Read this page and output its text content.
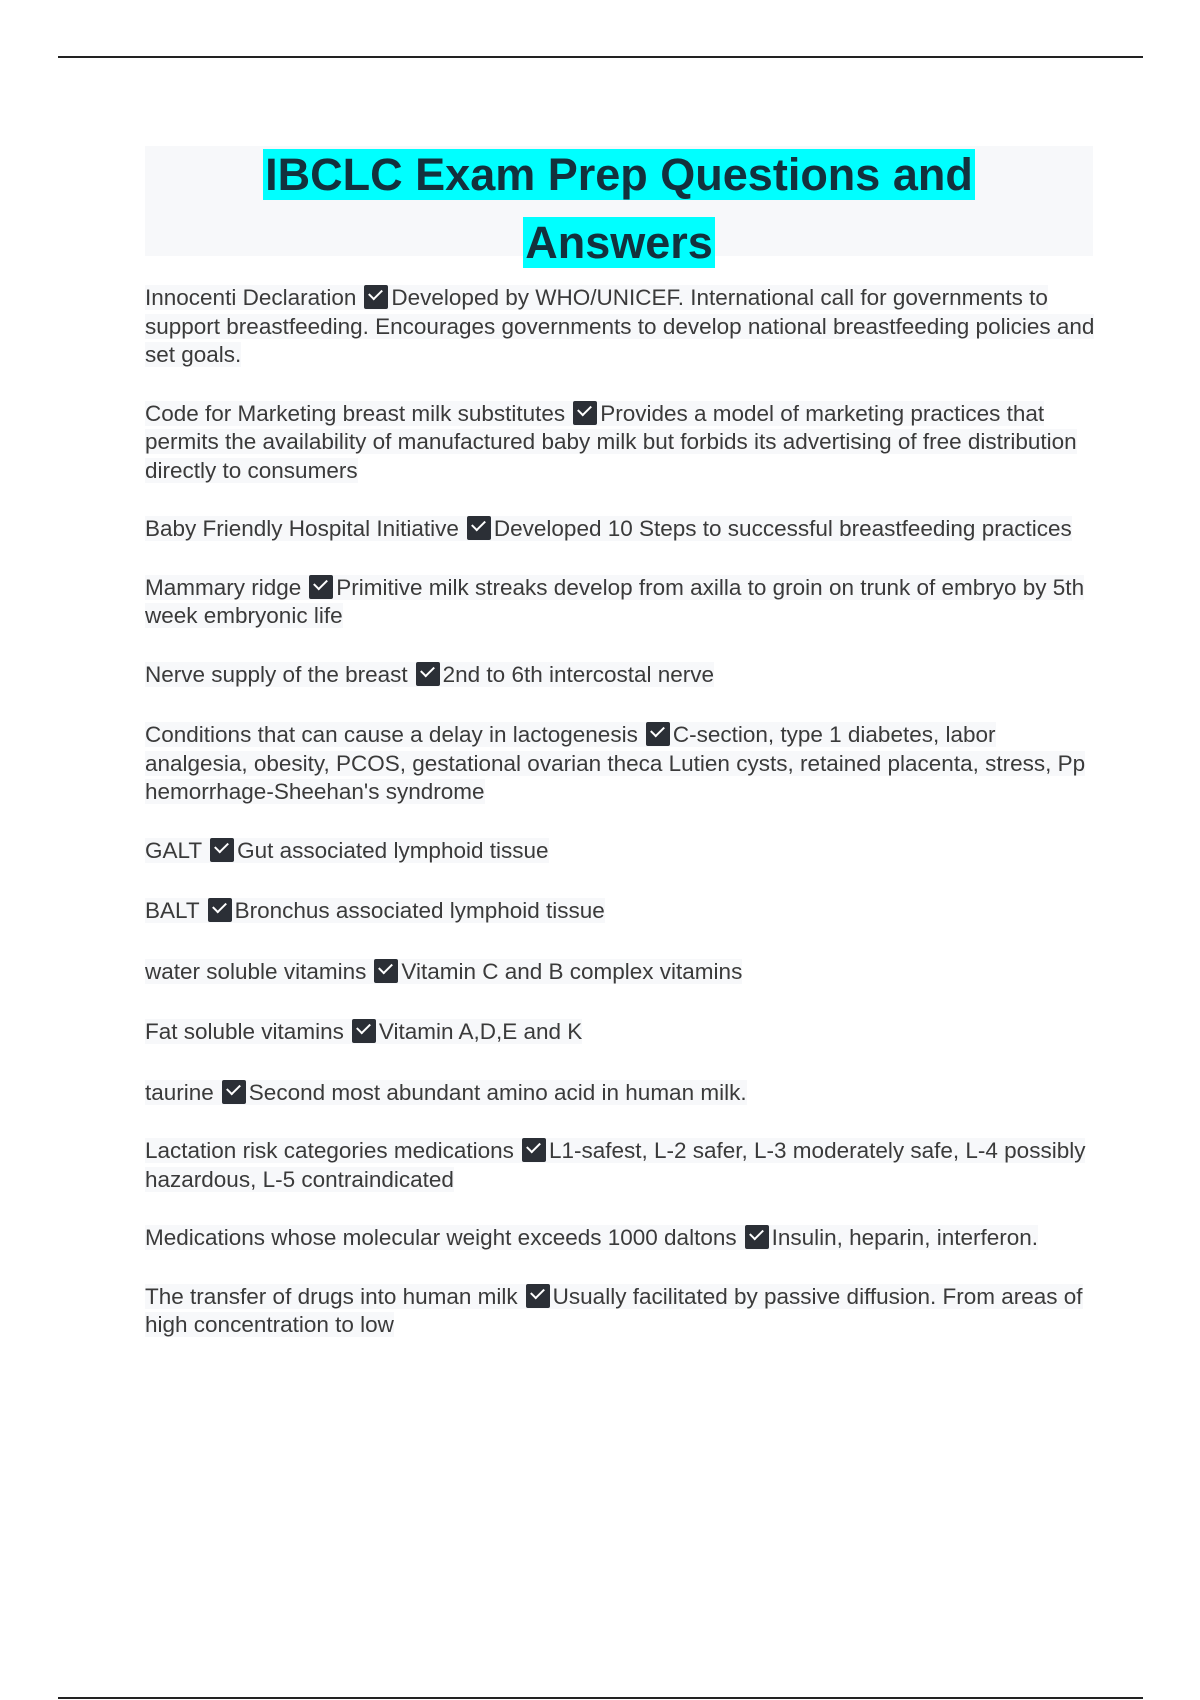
IBCLC Exam Prep Questions and
Answers

Innocenti Declaration Developed by WHO/UNICEF. International call for governments to support breastfeeding. Encourages governments to develop national breastfeeding policies and set goals.

Code for Marketing breast milk substitutes Provides a model of marketing practices that permits the availability of manufactured baby milk but forbids its advertising of free distribution directly to consumers

Baby Friendly Hospital Initiative Developed 10 Steps to successful breastfeeding practices

Mammary ridge Primitive milk streaks develop from axilla to groin on trunk of embryo by 5th week embryonic life

Nerve supply of the breast 2nd to 6th intercostal nerve

Conditions that can cause a delay in lactogenesis C-section, type 1 diabetes, labor analgesia, obesity, PCOS, gestational ovarian theca Lutien cysts, retained placenta, stress, Pp hemorrhage-Sheehan's syndrome

GALT Gut associated lymphoid tissue

BALT Bronchus associated lymphoid tissue

water soluble vitamins Vitamin C and B complex vitamins

Fat soluble vitamins Vitamin A,D,E and K

taurine Second most abundant amino acid in human milk.

Lactation risk categories medications L1-safest, L-2 safer, L-3 moderately safe, L-4 possibly hazardous, L-5 contraindicated

Medications whose molecular weight exceeds 1000 daltons Insulin, heparin, interferon.

The transfer of drugs into human milk Usually facilitated by passive diffusion. From areas of high concentration to low
